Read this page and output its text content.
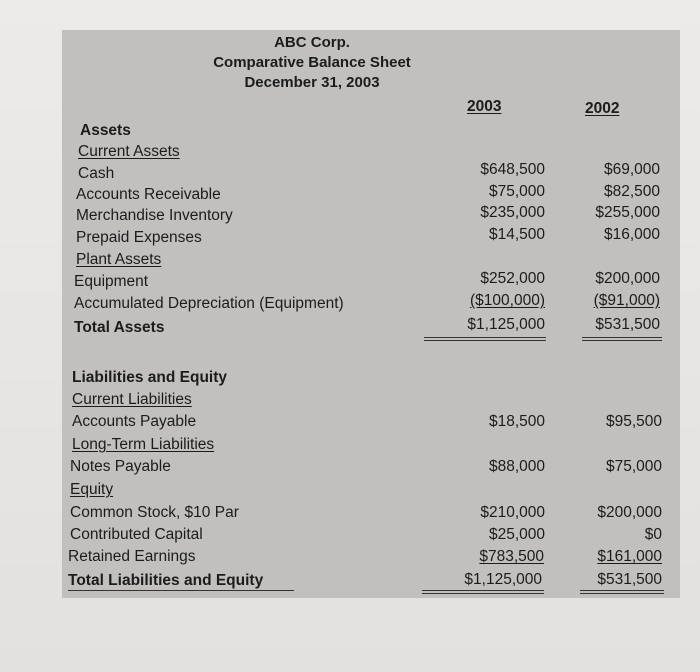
ABC Corp.
Comparative Balance Sheet
December 31, 2003
2003	2002
Assets
Current Assets
Cash	$648,500	$69,000
Accounts Receivable	$75,000	$82,500
Merchandise Inventory	$235,000	$255,000
Prepaid Expenses	$14,500	$16,000
Plant Assets
Equipment	$252,000	$200,000
Accumulated Depreciation (Equipment)	($100,000)	($91,000)
Total Assets	$1,125,000	$531,500
Liabilities and Equity
Current Liabilities
Accounts Payable	$18,500	$95,500
Long-Term Liabilities
Notes Payable	$88,000	$75,000
Equity
Common Stock, $10 Par	$210,000	$200,000
Contributed Capital	$25,000	$0
Retained Earnings	$783,500	$161,000
Total Liabilities and Equity	$1,125,000	$531,500
